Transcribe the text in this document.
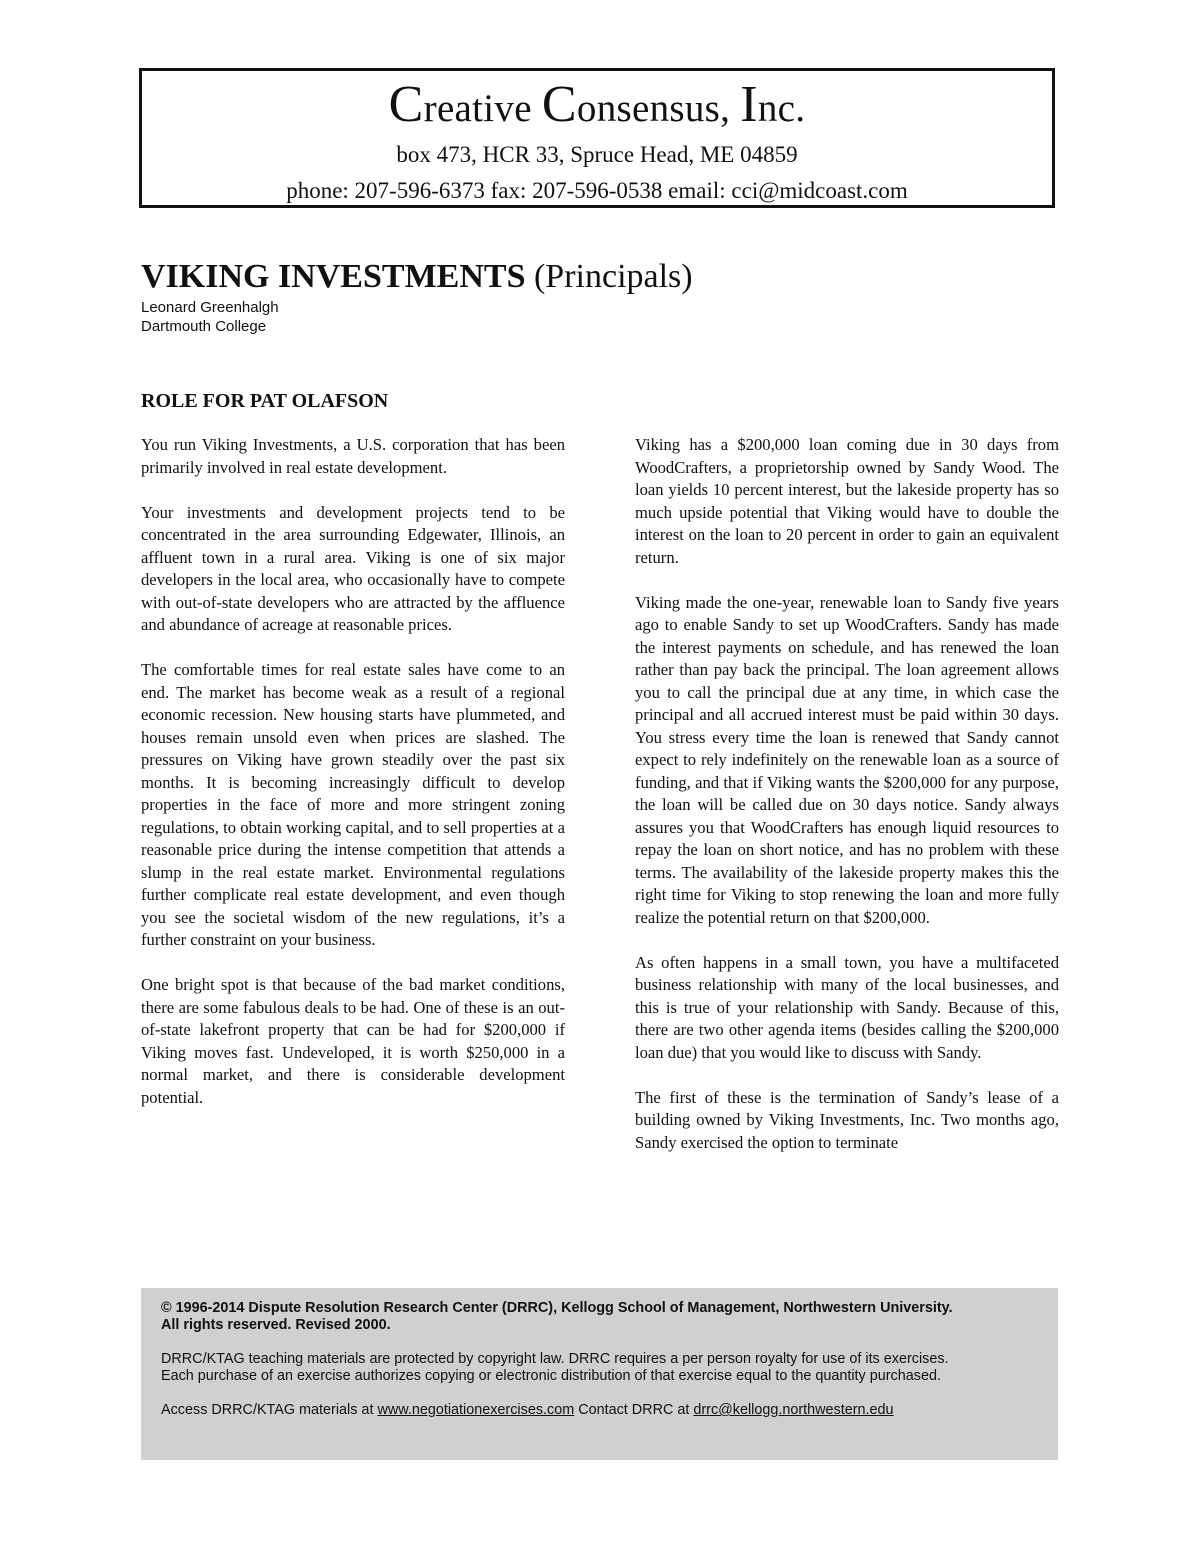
Creative Consensus, Inc.
box 473, HCR 33, Spruce Head, ME 04859
phone: 207-596-6373 fax: 207-596-0538 email: cci@midcoast.com
VIKING INVESTMENTS (Principals)
Leonard Greenhalgh
Dartmouth College
ROLE FOR PAT OLAFSON

You run Viking Investments, a U.S. corporation that has been primarily involved in real estate development.

Your investments and development projects tend to be concentrated in the area surrounding Edgewater, Illinois, an affluent town in a rural area. Viking is one of six major developers in the local area, who occasionally have to compete with out-of-state developers who are attracted by the affluence and abundance of acreage at reasonable prices.

The comfortable times for real estate sales have come to an end. The market has become weak as a result of a regional economic recession. New housing starts have plummeted, and houses remain unsold even when prices are slashed. The pressures on Viking have grown steadily over the past six months. It is becoming increasingly difficult to develop properties in the face of more and more stringent zoning regulations, to obtain working capital, and to sell properties at a reasonable price during the intense competition that attends a slump in the real estate market. Environmental regulations further complicate real estate development, and even though you see the societal wisdom of the new regulations, it’s a further constraint on your business.

One bright spot is that because of the bad market conditions, there are some fabulous deals to be had. One of these is an out-of-state lakefront property that can be had for $200,000 if Viking moves fast. Undeveloped, it is worth $250,000 in a normal market, and there is considerable development potential.

Viking has a $200,000 loan coming due in 30 days from WoodCrafters, a proprietorship owned by Sandy Wood. The loan yields 10 percent interest, but the lakeside property has so much upside potential that Viking would have to double the interest on the loan to 20 percent in order to gain an equivalent return.

Viking made the one-year, renewable loan to Sandy five years ago to enable Sandy to set up WoodCrafters. Sandy has made the interest payments on schedule, and has renewed the loan rather than pay back the principal. The loan agreement allows you to call the principal due at any time, in which case the principal and all accrued interest must be paid within 30 days. You stress every time the loan is renewed that Sandy cannot expect to rely indefinitely on the renewable loan as a source of funding, and that if Viking wants the $200,000 for any purpose, the loan will be called due on 30 days notice. Sandy always assures you that WoodCrafters has enough liquid resources to repay the loan on short notice, and has no problem with these terms. The availability of the lakeside property makes this the right time for Viking to stop renewing the loan and more fully realize the potential return on that $200,000.

As often happens in a small town, you have a multifaceted business relationship with many of the local businesses, and this is true of your relationship with Sandy. Because of this, there are two other agenda items (besides calling the $200,000 loan due) that you would like to discuss with Sandy.

The first of these is the termination of Sandy’s lease of a building owned by Viking Investments, Inc. Two months ago, Sandy exercised the option to terminate

© 1996-2014 Dispute Resolution Research Center (DRRC), Kellogg School of Management, Northwestern University.
All rights reserved. Revised 2000.

DRRC/KTAG teaching materials are protected by copyright law. DRRC requires a per person royalty for use of its exercises.
Each purchase of an exercise authorizes copying or electronic distribution of that exercise equal to the quantity purchased.

Access DRRC/KTAG materials at www.negotiationexercises.com Contact DRRC at drrc@kellogg.northwestern.edu
